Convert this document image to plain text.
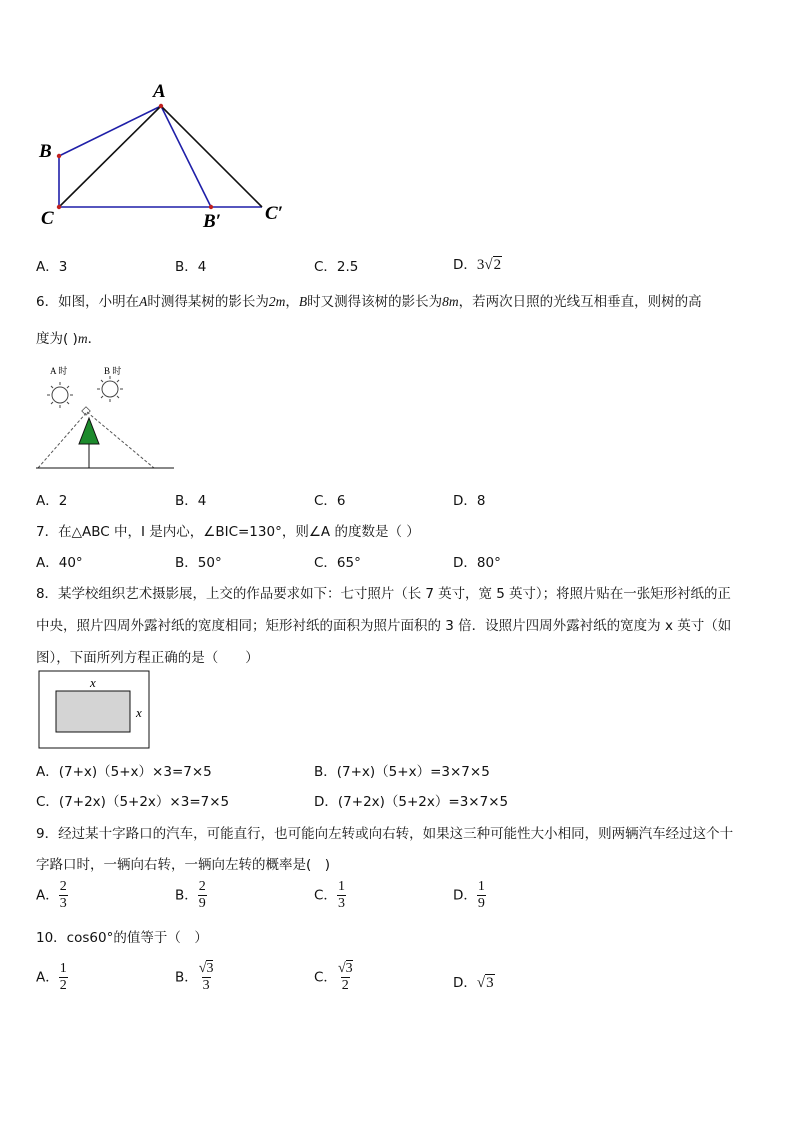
A
B
C	B′ C′
A．3	B．4	C．2.5	D．3√2
6．如图，小明在A时测得某树的影长为2m，B时又测得该树的影长为8m，若两次日照的光线互相垂直，则树的高
度为( )m．
A 时	B 时
A．2	B．4	C．6	D．8
7．在△ABC 中，I 是内心，∠BIC=130°，则∠A 的度数是（ ）
A．40°	B．50°	C．65°	D．80°
8．某学校组织艺术摄影展，上交的作品要求如下：七寸照片（长 7 英寸，宽 5 英寸）；将照片贴在一张矩形衬纸的正
中央，照片四周外露衬纸的宽度相同；矩形衬纸的面积为照片面积的 3 倍．设照片四周外露衬纸的宽度为 x 英寸（如
图），下面所列方程正确的是（　　）
x
x
A．(7+x)（5+x）×3=7×5	B．(7+x)（5+x）=3×7×5
C．(7+2x)（5+2x）×3=7×5	D．(7+2x)（5+2x）=3×7×5
9．经过某十字路口的汽车，可能直行，也可能向左转或向右转，如果这三种可能性大小相同，则两辆汽车经过这个十
字路口时，一辆向右转，一辆向左转的概率是(　)
A． $\frac{2}{3}$	B． $\frac{2}{9}$	C． $\frac{1}{3}$	D． $\frac{1}{9}$
10．cos60°的值等于（　）
A． $\frac{1}{2}$	B． $\frac{√3}{3}$	C． $\frac{√3}{2}$	D．√3
